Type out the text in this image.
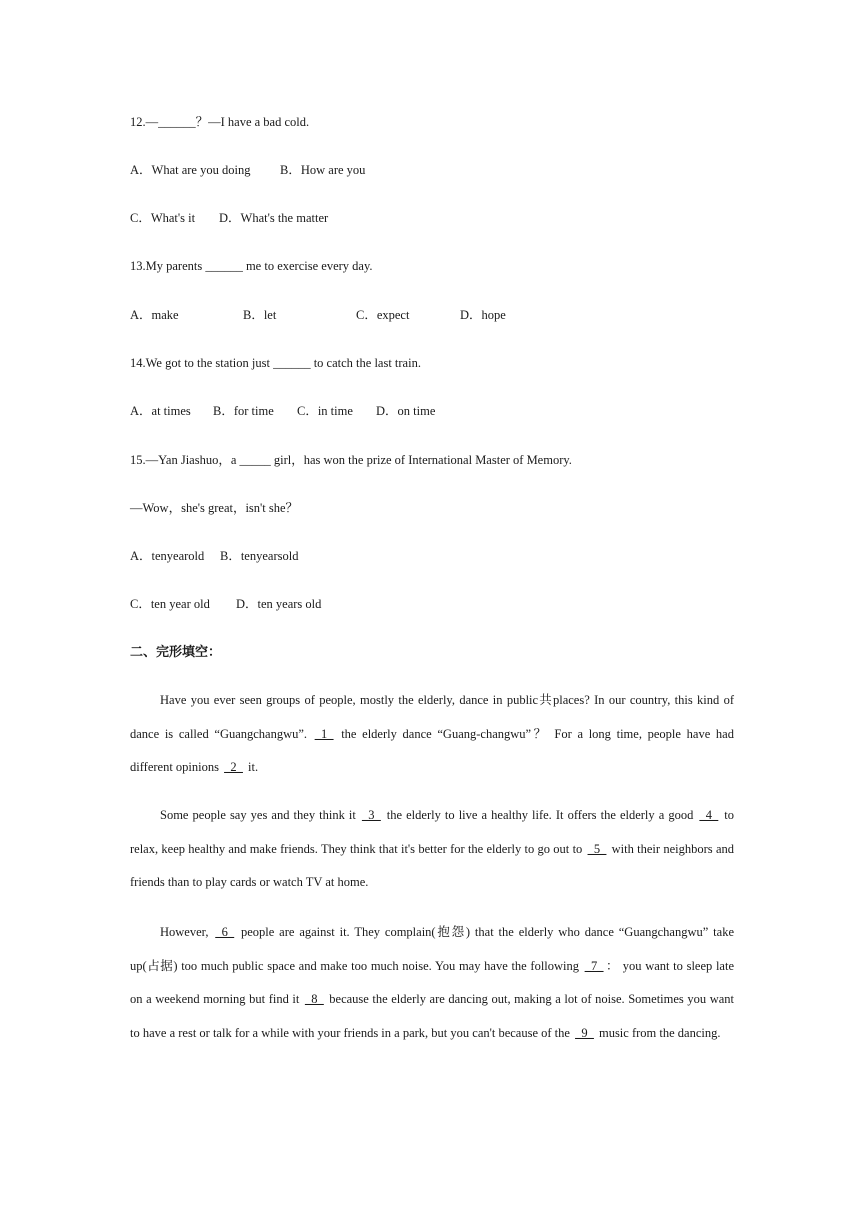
12.—______？—I have a bad cold.
A．What are you doing B．How are you
C．What's it D．What's the matter
13.My parents ______ me to exercise every day.
A．make	B．let	C．expect	D．hope
14.We got to the station just ______ to catch the last train.
A．at times B．for time C．in time D．on time
15.—Yan Jiashuo，a _____ girl，has won the prize of International Master of Memory.
—Wow，she's great，isn't she？
A．tenyearold B．tenyearsold
C．ten year old D．ten years old
二、完形填空：

Have you ever seen groups of people, mostly the elderly, dance in public共places? In our country, this kind of dance is called “Guangchangwu”. _1_ the elderly dance “Guang-changwu”？ For a long time, people have had different opinions _2_ it.

Some people say yes and they think it _3_ the elderly to live a healthy life. It offers the elderly a good _4_ to relax, keep healthy and make friends. They think that it's better for the elderly to go out to _5_ with their neighbors and friends than to play cards or watch TV at home.

However, _6_ people are against it. They complain(抱怨) that the elderly who dance “Guangchangwu” take up(占据) too much public space and make too much noise. You may have the following _7_ ： you want to sleep late on a weekend morning but find it _8_ because the elderly are dancing out, making a lot of noise. Sometimes you want to have a rest or talk for a while with your friends in a park, but you can't because of the _9_ music from the dancing.
